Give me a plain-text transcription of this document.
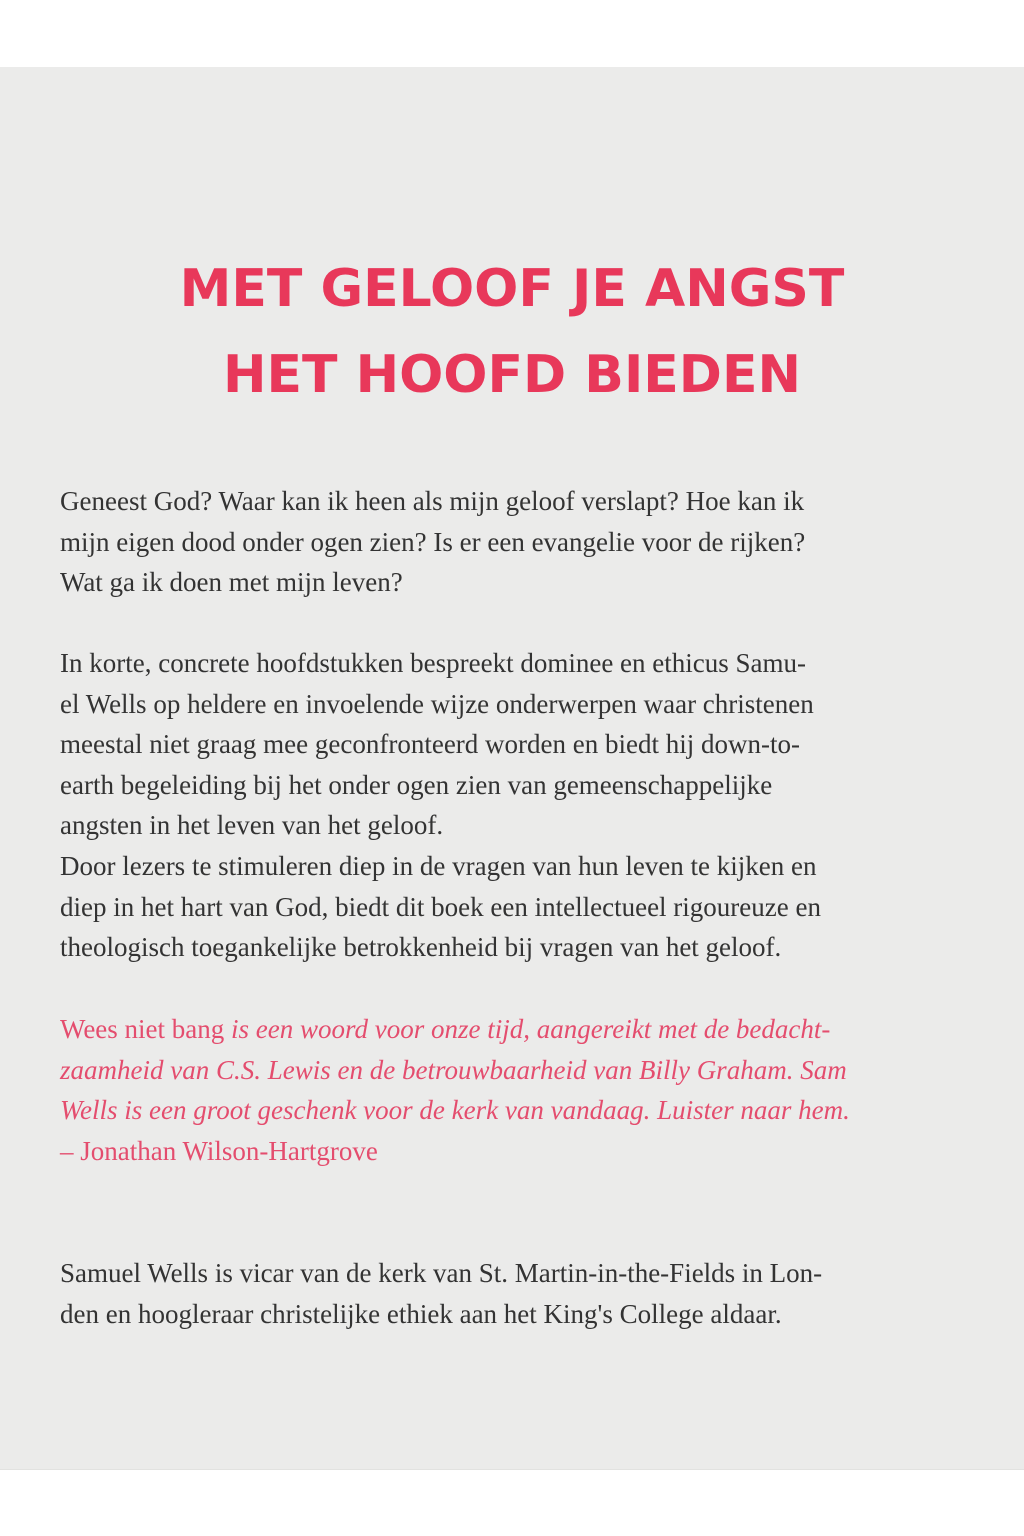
MET GELOOF JE ANGST
HET HOOFD BIEDEN
Geneest God? Waar kan ik heen als mijn geloof verslapt? Hoe kan ik
mijn eigen dood onder ogen zien? Is er een evangelie voor de rijken?
Wat ga ik doen met mijn leven?
In korte, concrete hoofdstukken bespreekt dominee en ethicus Samu-
el Wells op heldere en invoelende wijze onderwerpen waar christenen
meestal niet graag mee geconfronteerd worden en biedt hij down-to-
earth begeleiding bij het onder ogen zien van gemeenschappelijke
angsten in het leven van het geloof.
Door lezers te stimuleren diep in de vragen van hun leven te kijken en
diep in het hart van God, biedt dit boek een intellectueel rigoureuze en
theologisch toegankelijke betrokkenheid bij vragen van het geloof.
Wees niet bang is een woord voor onze tijd, aangereikt met de bedacht-
zaamheid van C.S. Lewis en de betrouwbaarheid van Billy Graham. Sam
Wells is een groot geschenk voor de kerk van vandaag. Luister naar hem.
– Jonathan Wilson-Hartgrove
Samuel Wells is vicar van de kerk van St. Martin-in-the-Fields in Lon-
den en hoogleraar christelijke ethiek aan het King's College aldaar.
